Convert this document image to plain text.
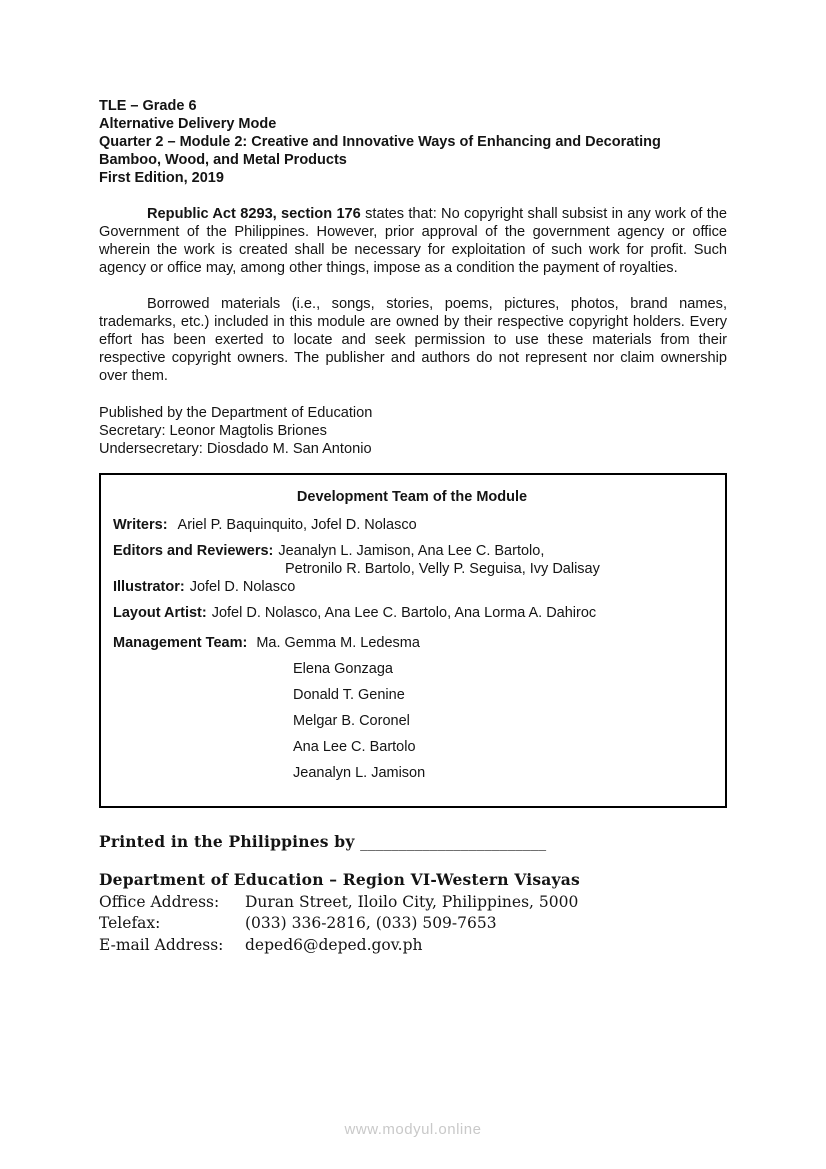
TLE – Grade 6
Alternative Delivery Mode
Quarter 2 – Module 2: Creative and Innovative Ways of Enhancing and Decorating
Bamboo, Wood, and Metal Products
First Edition, 2019

Republic Act 8293, section 176 states that: No copyright shall subsist in any work of the Government of the Philippines. However, prior approval of the government agency or office wherein the work is created shall be necessary for exploitation of such work for profit. Such agency or office may, among other things, impose as a condition the payment of royalties.

Borrowed materials (i.e., songs, stories, poems, pictures, photos, brand names, trademarks, etc.) included in this module are owned by their respective copyright holders. Every effort has been exerted to locate and seek permission to use these materials from their respective copyright owners. The publisher and authors do not represent nor claim ownership over them.

Published by the Department of Education
Secretary: Leonor Magtolis Briones
Undersecretary: Diosdado M. San Antonio
Development Team of the Module
Writers: Ariel P. Baquinquito, Jofel D. Nolasco
Editors and Reviewers: Jeanalyn L. Jamison, Ana Lee C. Bartolo,
Petronilo R. Bartolo, Velly P. Seguisa, Ivy Dalisay
Illustrator: Jofel D. Nolasco
Layout Artist: Jofel D. Nolasco, Ana Lee C. Bartolo, Ana Lorma A. Dahiroc
Management Team: Ma. Gemma M. Ledesma
Elena Gonzaga
Donald T. Genine
Melgar B. Coronel
Ana Lee C. Bartolo
Jeanalyn L. Jamison
Printed in the Philippines by ________________________
Department of Education – Region VI-Western Visayas
Office Address:	Duran Street, Iloilo City, Philippines, 5000
Telefax:	(033) 336-2816, (033) 509-7653
E-mail Address:	deped6@deped.gov.ph
www.modyul.online
